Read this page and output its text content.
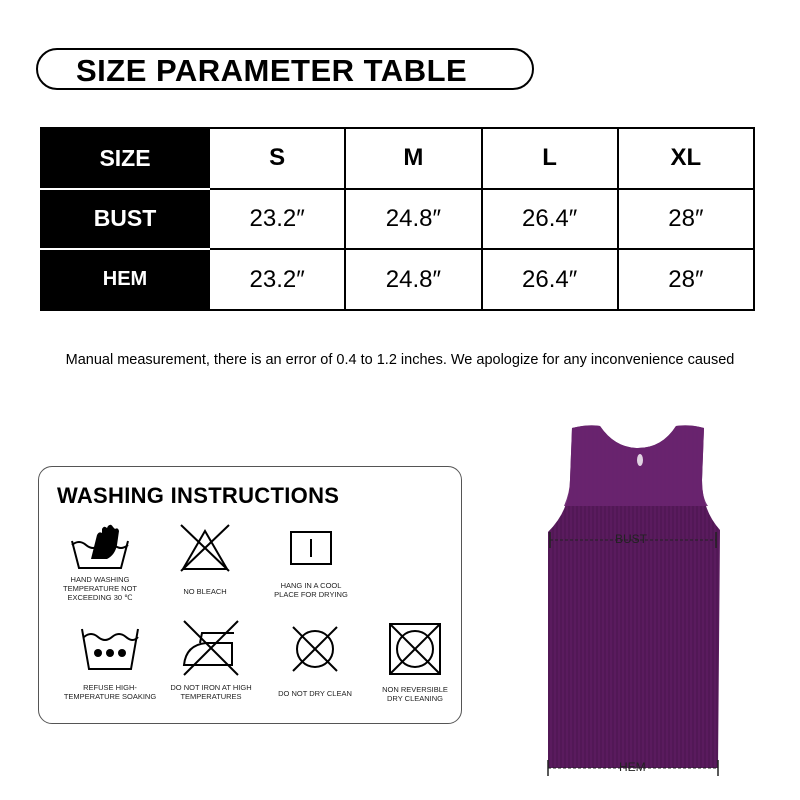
SIZE PARAMETER TABLE
SIZE	S	M	L	XL
BUST	23.2″	24.8″	26.4″	28″
HEM	23.2″	24.8″	26.4″	28″
Manual measurement, there is an error of 0.4 to 1.2 inches. We apologize for any inconvenience caused
WASHING INSTRUCTIONS
HAND WASHING
TEMPERATURE NOT
EXCEEDING 30 ℃
NO BLEACH
HANG IN A COOL
PLACE FOR DRYING
REFUSE HIGH-
TEMPERATURE SOAKING
DO NOT IRON AT HIGH
TEMPERATURES	DO NOT DRY CLEAN	NON REVERSIBLE
DRY CLEANING
BUST
HEM
